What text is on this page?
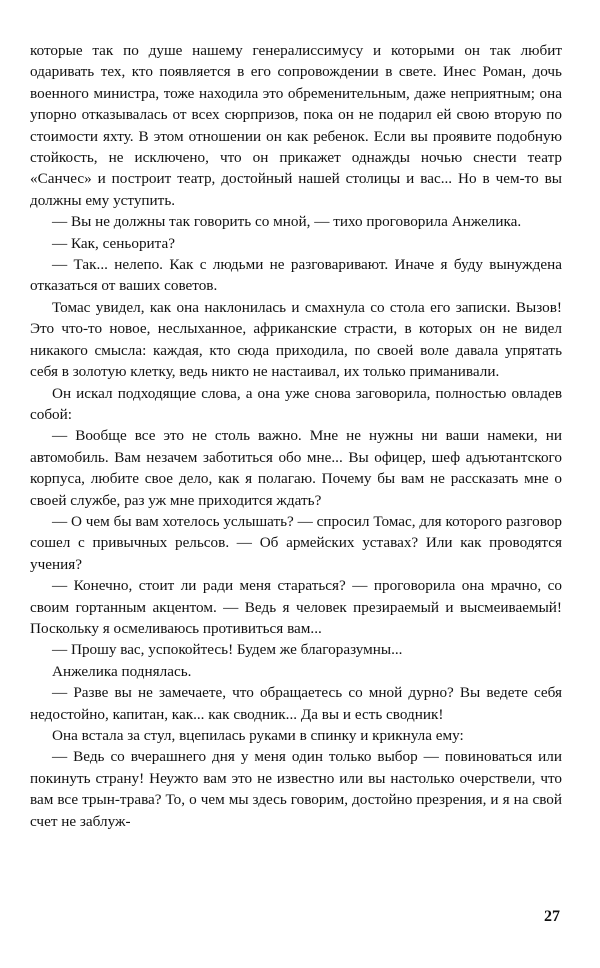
которые так по душе нашему генералиссимусу и которыми он так любит одаривать тех, кто появляется в его сопровождении в свете. Инес Роман, дочь военного министра, тоже находила это обременительным, даже неприятным; она упорно отказывалась от всех сюрпризов, пока он не подарил ей свою вторую по стоимости яхту. В этом отношении он как ребенок. Если вы проявите подобную стойкость, не исключено, что он прикажет однажды ночью снести театр «Санчес» и построит театр, достойный нашей столицы и вас... Но в чем-то вы должны ему уступить.

— Вы не должны так говорить со мной, — тихо проговорила Анжелика.

— Как, сеньорита?

— Так... нелепо. Как с людьми не разговаривают. Иначе я буду вынуждена отказаться от ваших советов.

Томас увидел, как она наклонилась и смахнула со стола его записки. Вызов! Это что-то новое, неслыханное, африканские страсти, в которых он не видел никакого смысла: каждая, кто сюда приходила, по своей воле давала упрятать себя в золотую клетку, ведь никто не настаивал, их только приманивали.

Он искал подходящие слова, а она уже снова заговорила, полностью овладев собой:

— Вообще все это не столь важно. Мне не нужны ни ваши намеки, ни автомобиль. Вам незачем заботиться обо мне... Вы офицер, шеф адъютантского корпуса, любите свое дело, как я полагаю. Почему бы вам не рассказать мне о своей службе, раз уж мне приходится ждать?

— О чем бы вам хотелось услышать? — спросил Томас, для которого разговор сошел с привычных рельсов. — Об армейских уставах? Или как проводятся учения?

— Конечно, стоит ли ради меня стараться? — проговорила она мрачно, со своим гортанным акцентом. — Ведь я человек презираемый и высмеиваемый! Поскольку я осмеливаюсь противиться вам...

— Прошу вас, успокойтесь! Будем же благоразумны...

Анжелика поднялась.

— Разве вы не замечаете, что обращаетесь со мной дурно? Вы ведете себя недостойно, капитан, как... как сводник... Да вы и есть сводник!

Она встала за стул, вцепилась руками в спинку и крикнула ему:

— Ведь со вчерашнего дня у меня один только выбор — повиноваться или покинуть страну! Неужто вам это не известно или вы настолько очерствели, что вам все трын-трава? То, о чем мы здесь говорим, достойно презрения, и я на свой счет не заблуж-

27
